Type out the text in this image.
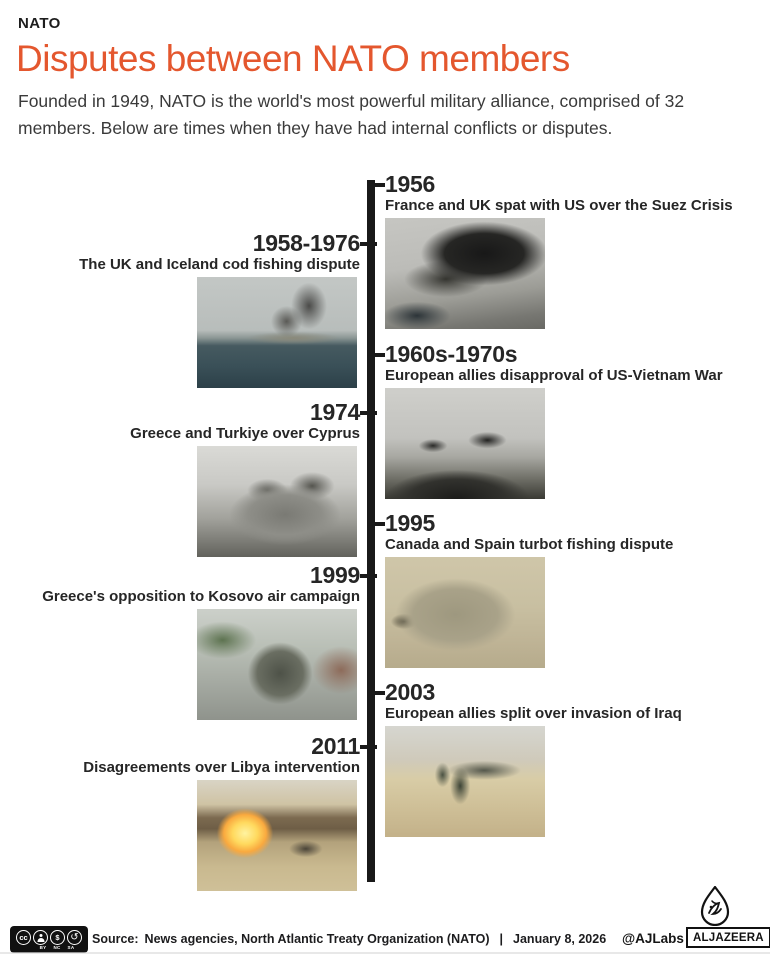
NATO
Disputes between NATO members

Founded in 1949, NATO is the world's most powerful military alliance, comprised of 32 members. Below are times when they have had internal conflicts or disputes.

1956

France and UK spat with US over the Suez Crisis

1958-1976

The UK and Iceland cod fishing dispute

1960s-1970s

European allies disapproval of US-Vietnam War

1974

Greece and Turkiye over Cyprus

1995

Canada and Spain turbot fishing dispute

1999

Greece's opposition to Kosovo air campaign

2003

European allies split over invasion of Iraq

2011

Disagreements over Libya intervention

cc	$	↺
BY NC SA
Source: News agencies, North Atlantic Treaty Organization (NATO) | January 8, 2026 @AJLabs ALJAZEERA
